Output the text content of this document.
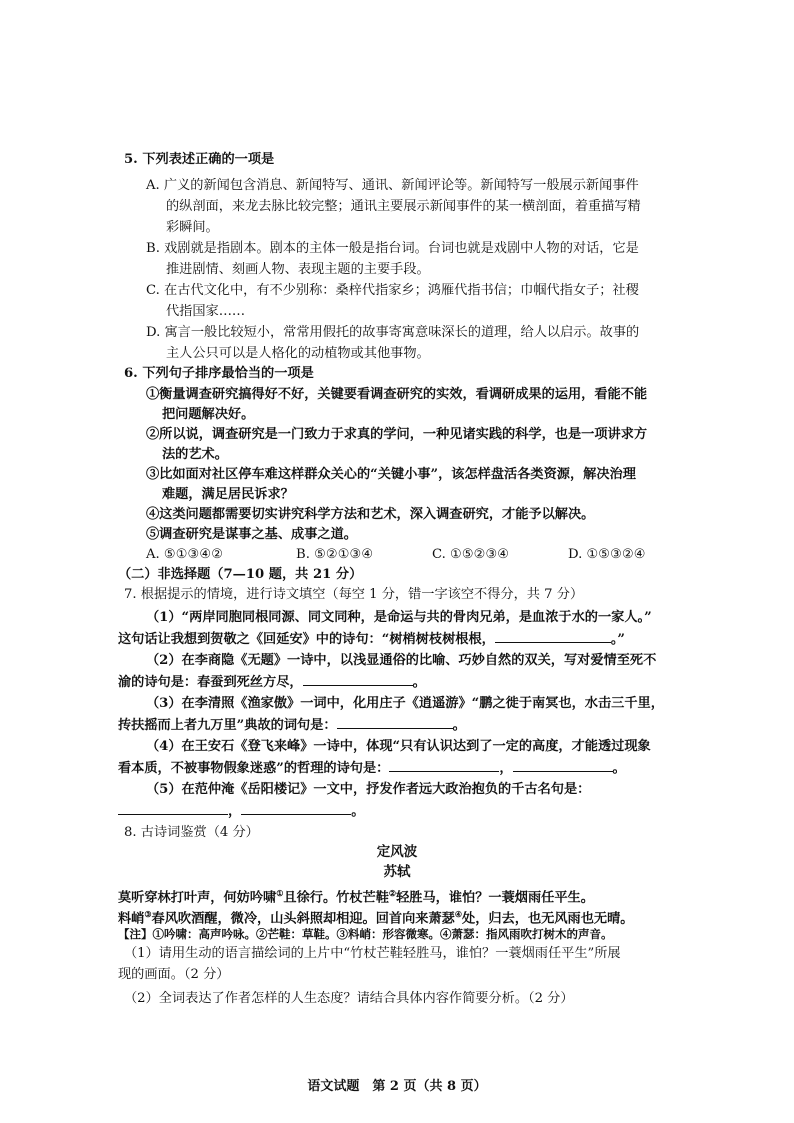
5. 下列表述正确的一项是
A. 广义的新闻包含消息、新闻特写、通讯、新闻评论等。新闻特写一般展示新闻事件
的纵剖面，来龙去脉比较完整；通讯主要展示新闻事件的某一横剖面，着重描写精
彩瞬间。
B. 戏剧就是指剧本。剧本的主体一般是指台词。台词也就是戏剧中人物的对话，它是
推进剧情、刻画人物、表现主题的主要手段。
C. 在古代文化中，有不少别称：桑梓代指家乡；鸿雁代指书信；巾帼代指女子；社稷
代指国家……
D. 寓言一般比较短小，常常用假托的故事寄寓意味深长的道理，给人以启示。故事的
主人公只可以是人格化的动植物或其他事物。
6. 下列句子排序最恰当的一项是
①衡量调查研究搞得好不好，关键要看调查研究的实效，看调研成果的运用，看能不能
把问题解决好。
②所以说，调查研究是一门致力于求真的学问，一种见诸实践的科学，也是一项讲求方
法的艺术。
③比如面对社区停车难这样群众关心的“关键小事”，该怎样盘活各类资源，解决治理
难题，满足居民诉求？
④这类问题都需要切实讲究科学方法和艺术，深入调查研究，才能予以解决。
⑤调查研究是谋事之基、成事之道。
A. ⑤①③④②	B. ⑤②①③④	C. ①⑤②③④	D. ①⑤③②④
（二）非选择题（7—10 题，共 21 分）
7. 根据提示的情境，进行诗文填空（每空 1 分，错一字该空不得分，共 7 分）
（1）“两岸同胞同根同源、同文同种，是命运与共的骨肉兄弟，是血浓于水的一家人。”
这句话让我想到贺敬之《回延安》中的诗句：“树梢树枝树根根，	。”
（2）在李商隐《无题》一诗中，以浅显通俗的比喻、巧妙自然的双关，写对爱情至死不
渝的诗句是：春蚕到死丝方尽，	。
（3）在李清照《渔家傲》一词中，化用庄子《逍遥游》“鹏之徙于南冥也，水击三千里，
抟扶摇而上者九万里”典故的词句是：	。
（4）在王安石《登飞来峰》一诗中，体现“只有认识达到了一定的高度，才能透过现象
看本质，不被事物假象迷惑”的哲理的诗句是：	，	。
（5）在范仲淹《岳阳楼记》一文中，抒发作者远大政治抱负的千古名句是：
，	。
8. 古诗词鉴赏（4 分）
定风波
苏轼
莫听穿林打叶声，何妨吟啸①且徐行。竹杖芒鞋②轻胜马，谁怕？一蓑烟雨任平生。
料峭③春风吹酒醒，微冷，山头斜照却相迎。回首向来萧瑟④处，归去，也无风雨也无晴。
【注】①吟啸：高声吟咏。②芒鞋：草鞋。③料峭：形容微寒。④萧瑟：指风雨吹打树木的声音。
（1）请用生动的语言描绘词的上片中“竹杖芒鞋轻胜马，谁怕？一蓑烟雨任平生”所展
现的画面。（2 分）
（2）全词表达了作者怎样的人生态度？请结合具体内容作简要分析。（2 分）
语文试题　第 2 页（共 8 页）
